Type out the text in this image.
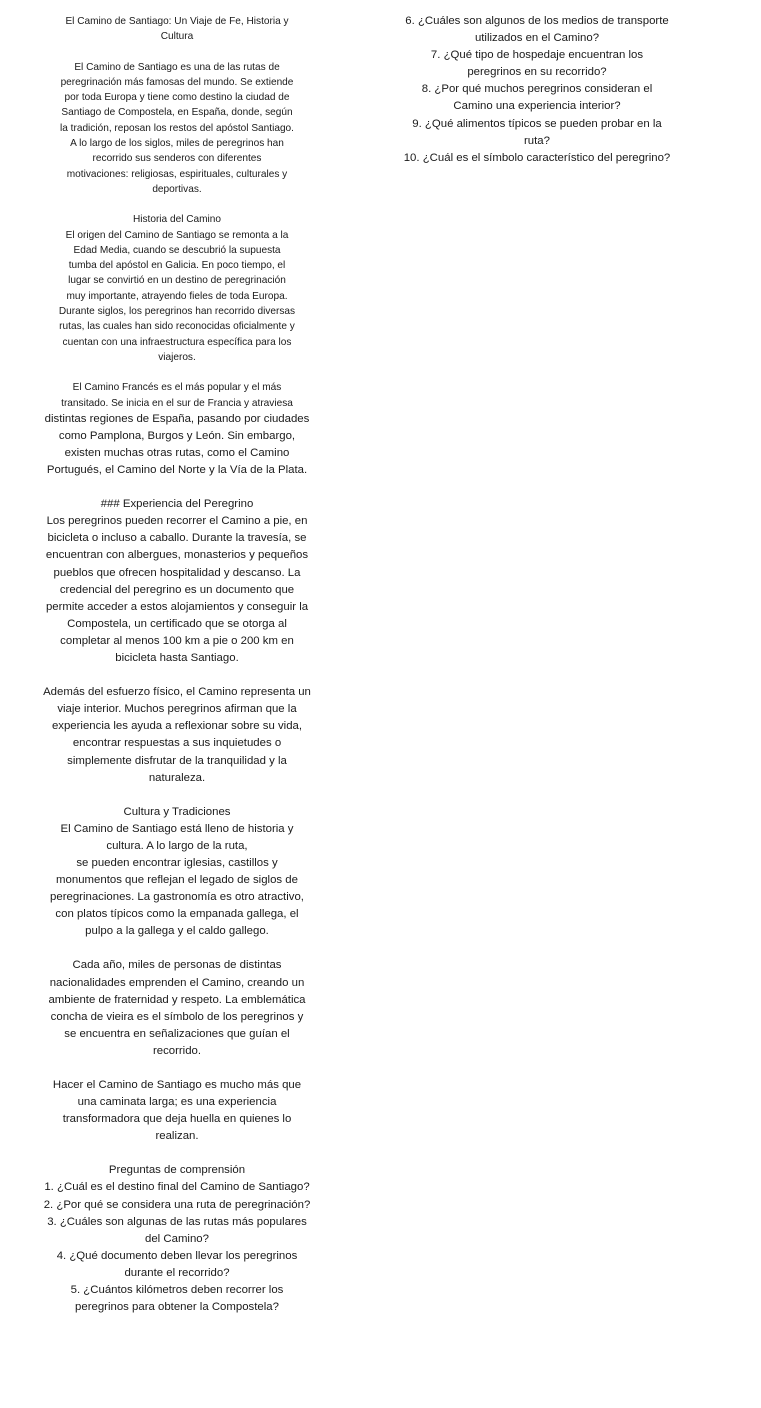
El Camino de Santiago: Un Viaje de Fe, Historia y
Cultura
El Camino de Santiago es una de las rutas de
peregrinación más famosas del mundo. Se extiende
por toda Europa y tiene como destino la ciudad de
Santiago de Compostela, en España, donde, según
la tradición, reposan los restos del apóstol Santiago.
A lo largo de los siglos, miles de peregrinos han
recorrido sus senderos con diferentes
motivaciones: religiosas, espirituales, culturales y
deportivas.
Historia del Camino
El origen del Camino de Santiago se remonta a la
Edad Media, cuando se descubrió la supuesta
tumba del apóstol en Galicia. En poco tiempo, el
lugar se convirtió en un destino de peregrinación
muy importante, atrayendo fieles de toda Europa.
Durante siglos, los peregrinos han recorrido diversas
rutas, las cuales han sido reconocidas oficialmente y
cuentan con una infraestructura específica para los
viajeros.
El Camino Francés es el más popular y el más
transitado. Se inicia en el sur de Francia y atraviesa
distintas regiones de España, pasando por ciudades
como Pamplona, Burgos y León. Sin embargo,
existen muchas otras rutas, como el Camino
Portugués, el Camino del Norte y la Vía de la Plata.
### Experiencia del Peregrino
Los peregrinos pueden recorrer el Camino a pie, en
bicicleta o incluso a caballo. Durante la travesía, se
encuentran con albergues, monasterios y pequeños
pueblos que ofrecen hospitalidad y descanso. La
credencial del peregrino es un documento que
permite acceder a estos alojamientos y conseguir la
Compostela, un certificado que se otorga al
completar al menos 100 km a pie o 200 km en
bicicleta hasta Santiago.
Además del esfuerzo físico, el Camino representa un
viaje interior. Muchos peregrinos afirman que la
experiencia les ayuda a reflexionar sobre su vida,
encontrar respuestas a sus inquietudes o
simplemente disfrutar de la tranquilidad y la
naturaleza.
Cultura y Tradiciones
El Camino de Santiago está lleno de historia y
cultura. A lo largo de la ruta,
se pueden encontrar iglesias, castillos y
monumentos que reflejan el legado de siglos de
peregrinaciones. La gastronomía es otro atractivo,
con platos típicos como la empanada gallega, el
pulpo a la gallega y el caldo gallego.
Cada año, miles de personas de distintas
nacionalidades emprenden el Camino, creando un
ambiente de fraternidad y respeto. La emblemática
concha de vieira es el símbolo de los peregrinos y
se encuentra en señalizaciones que guían el
recorrido.
Hacer el Camino de Santiago es mucho más que
una caminata larga; es una experiencia
transformadora que deja huella en quienes lo
realizan.
Preguntas de comprensión
1. ¿Cuál es el destino final del Camino de Santiago?
2. ¿Por qué se considera una ruta de peregrinación?
3. ¿Cuáles son algunas de las rutas más populares
del Camino?
4. ¿Qué documento deben llevar los peregrinos
durante el recorrido?
5. ¿Cuántos kilómetros deben recorrer los
peregrinos para obtener la Compostela?
6. ¿Cuáles son algunos de los medios de transporte
utilizados en el Camino?
7. ¿Qué tipo de hospedaje encuentran los
peregrinos en su recorrido?
8. ¿Por qué muchos peregrinos consideran el
Camino una experiencia interior?
9. ¿Qué alimentos típicos se pueden probar en la
ruta?
10. ¿Cuál es el símbolo característico del peregrino?
